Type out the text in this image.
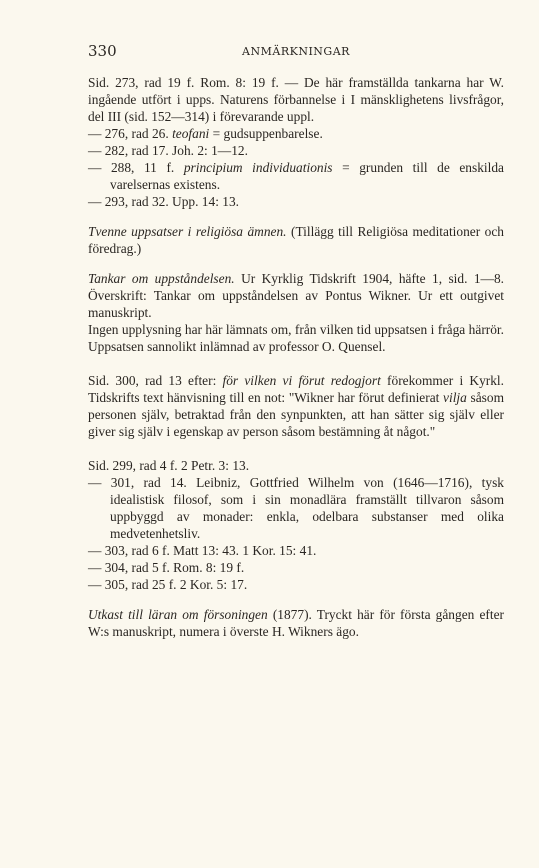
330	ANMÄRKNINGAR

Sid. 273, rad 19 f. Rom. 8: 19 f. — De här framställda tankarna har W. ingående utfört i upps. Naturens förbannelse i I mänsklighetens livsfrågor, del III (sid. 152—314) i förevarande uppl.

— 276, rad 26. teofani = gudsuppenbarelse.

— 282, rad 17. Joh. 2: 1—12.

— 288, 11 f. principium individuationis = grunden till de enskilda varelsernas existens.

— 293, rad 32. Upp. 14: 13.

Tvenne uppsatser i religiösa ämnen. (Tillägg till Religiösa meditationer och föredrag.)

Tankar om uppståndelsen. Ur Kyrklig Tidskrift 1904, häfte 1, sid. 1—8. Överskrift: Tankar om uppståndelsen av Pontus Wikner. Ur ett outgivet manuskript.

Ingen upplysning har här lämnats om, från vilken tid uppsatsen i fråga härrör. Uppsatsen sannolikt inlämnad av professor O. Quensel.

Sid. 300, rad 13 efter: för vilken vi förut redogjort förekommer i Kyrkl. Tidskrifts text hänvisning till en not: "Wikner har förut definierat vilja såsom personen själv, betraktad från den synpunkten, att han sätter sig själv eller giver sig själv i egenskap av person såsom bestämning åt något."

Sid. 299, rad 4 f. 2 Petr. 3: 13.

— 301, rad 14. Leibniz, Gottfried Wilhelm von (1646—1716), tysk idealistisk filosof, som i sin monadlära framställt tillvaron såsom uppbyggd av monader: enkla, odelbara substanser med olika medvetenhetsliv.

— 303, rad 6 f. Matt 13: 43. 1 Kor. 15: 41.

— 304, rad 5 f. Rom. 8: 19 f.

— 305, rad 25 f. 2 Kor. 5: 17.

Utkast till läran om försoningen (1877). Tryckt här för första gången efter W:s manuskript, numera i överste H. Wikners ägo.
